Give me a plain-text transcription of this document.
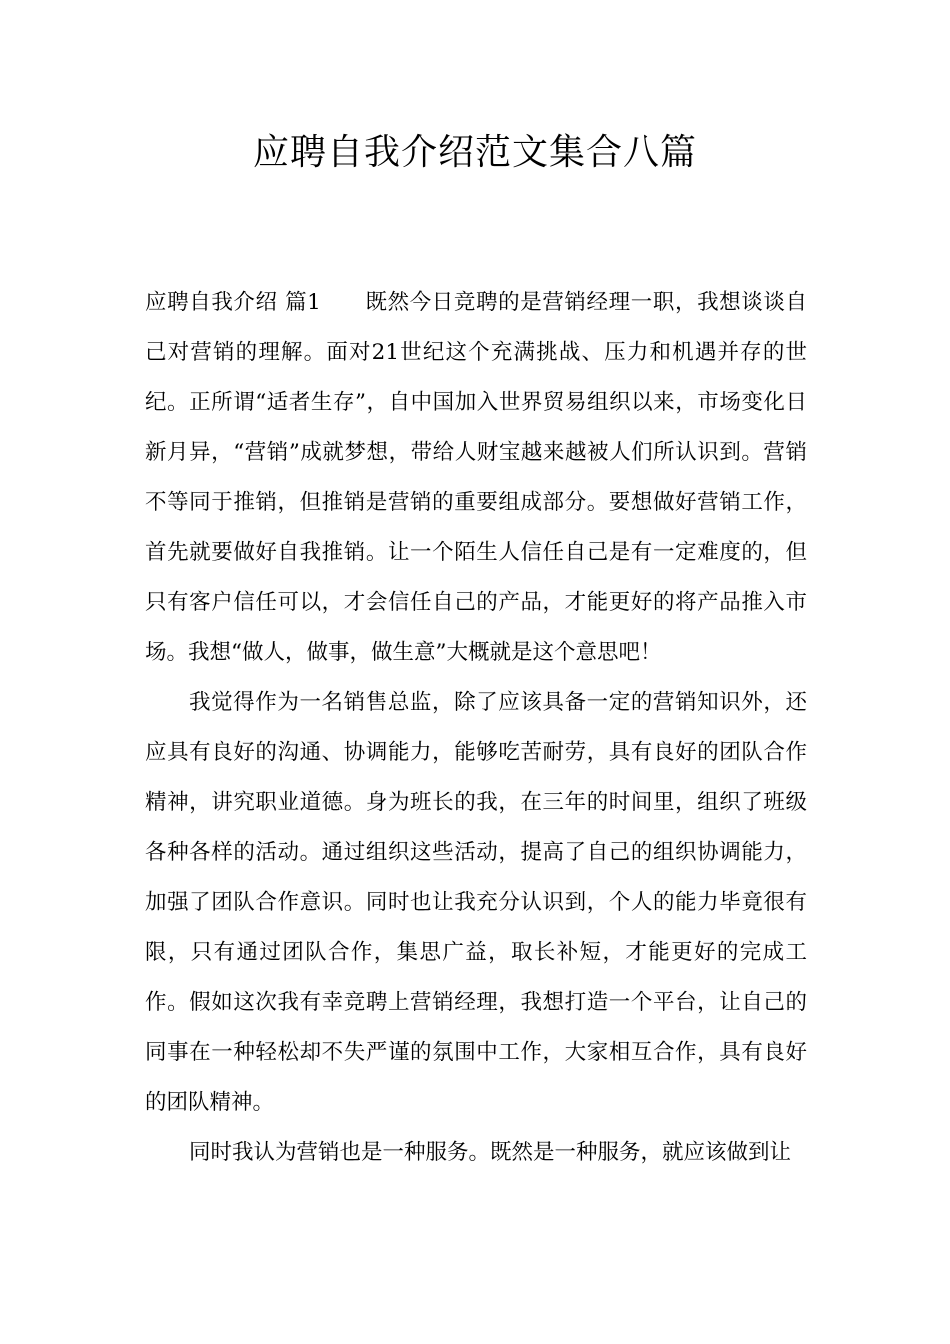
应聘自我介绍范文集合八篇

应聘自我介绍 篇1 既然今日竞聘的是营销经理一职，我想谈谈自己对营销的理解。面对21世纪这个充满挑战、压力和机遇并存的世纪。正所谓“适者生存”，自中国加入世界贸易组织以来，市场变化日新月异，“营销”成就梦想，带给人财宝越来越被人们所认识到。营销不等同于推销，但推销是营销的重要组成部分。要想做好营销工作，首先就要做好自我推销。让一个陌生人信任自己是有一定难度的，但只有客户信任可以，才会信任自己的产品，才能更好的将产品推入市场。我想“做人，做事，做生意”大概就是这个意思吧！

我觉得作为一名销售总监，除了应该具备一定的营销知识外，还应具有良好的沟通、协调能力，能够吃苦耐劳，具有良好的团队合作精神，讲究职业道德。身为班长的我，在三年的时间里，组织了班级各种各样的活动。通过组织这些活动，提高了自己的组织协调能力，加强了团队合作意识。同时也让我充分认识到，个人的能力毕竟很有限，只有通过团队合作，集思广益，取长补短，才能更好的完成工作。假如这次我有幸竞聘上营销经理，我想打造一个平台，让自己的同事在一种轻松却不失严谨的氛围中工作，大家相互合作，具有良好的团队精神。

同时我认为营销也是一种服务。既然是一种服务，就应该做到让
